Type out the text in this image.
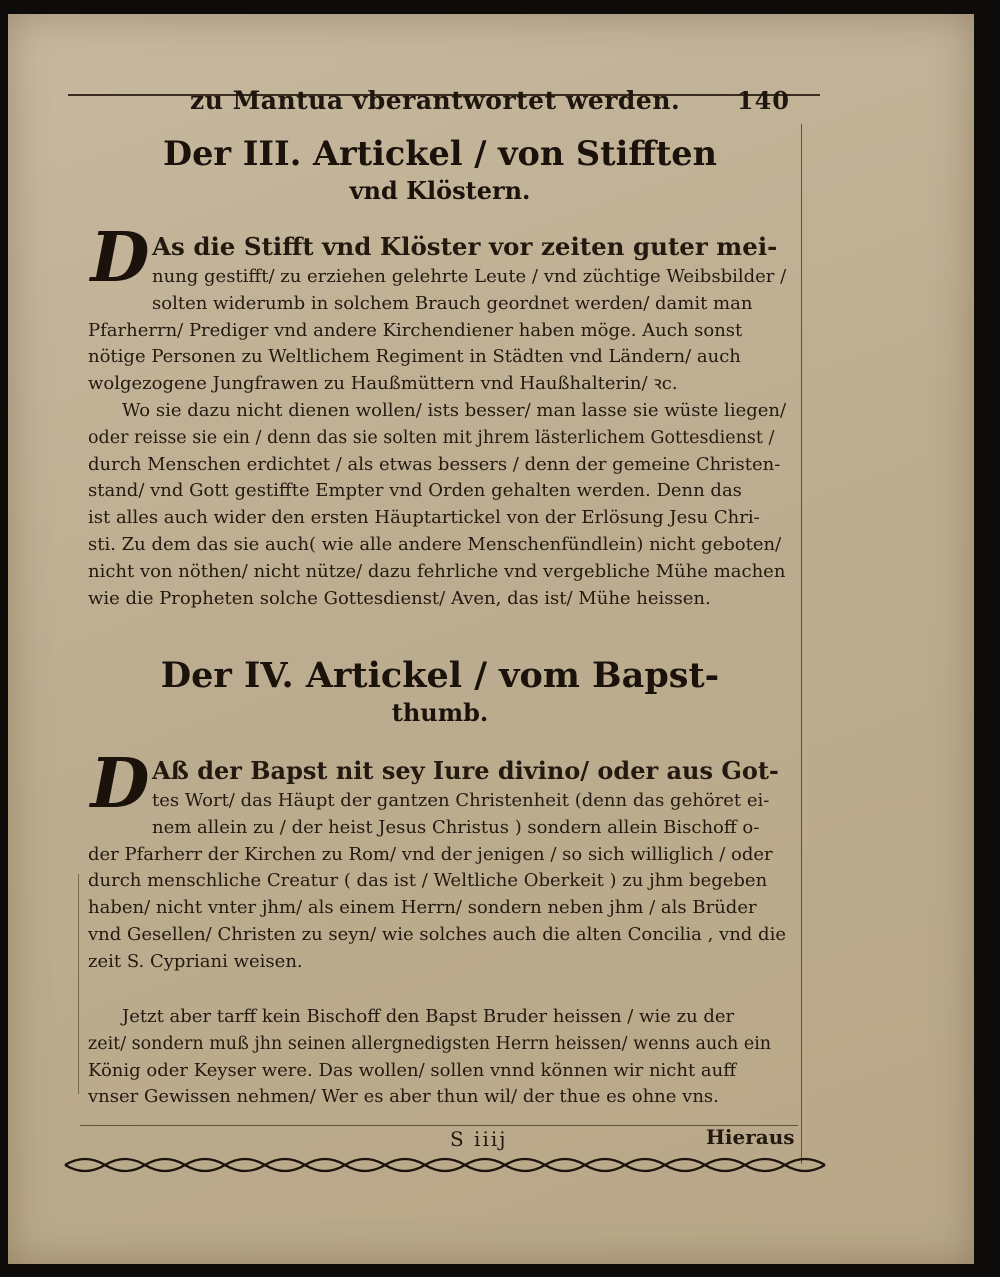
zu Mantua vberantwortet werden. 140
Der III. Artickel / von Stifften
vnd Klöstern.
D As die Stifft vnd Klöster vor zeiten guter mei-
nung gestifft/ zu erziehen gelehrte Leute / vnd züchtige Weibsbilder /
solten widerumb in solchem Brauch geordnet werden/ damit man
Pfarherrn/ Prediger vnd andere Kirchendiener haben möge. Auch sonst
nötige Personen zu Weltlichem Regiment in Städten vnd Ländern/ auch
wolgezogene Jungfrawen zu Haußmüttern vnd Haußhalterin/ ꝛc.
Wo sie dazu nicht dienen wollen/ ists besser/ man lasse sie wüste liegen/
oder reisse sie ein / denn das sie solten mit jhrem lästerlichem Gottesdienst /
durch Menschen erdichtet / als etwas bessers / denn der gemeine Christen-
stand/ vnd Gott gestiffte Empter vnd Orden gehalten werden. Denn das
ist alles auch wider den ersten Häuptartickel von der Erlösung Jesu Chri-
sti. Zu dem das sie auch( wie alle andere Menschenfündlein) nicht geboten/
nicht von nöthen/ nicht nütze/ dazu fehrliche vnd vergebliche Mühe machen
wie die Propheten solche Gottesdienst/ Aven, das ist/ Mühe heissen.
Der IV. Artickel / vom Bapst-
thumb.
D Aß der Bapst nit sey Iure divino/ oder aus Got-
tes Wort/ das Häupt der gantzen Christenheit (denn das gehöret ei-
nem allein zu / der heist Jesus Christus ) sondern allein Bischoff o-
der Pfarherr der Kirchen zu Rom/ vnd der jenigen / so sich williglich / oder
durch menschliche Creatur ( das ist / Weltliche Oberkeit ) zu jhm begeben
haben/ nicht vnter jhm/ als einem Herrn/ sondern neben jhm / als Brüder
vnd Gesellen/ Christen zu seyn/ wie solches auch die alten Concilia , vnd die
zeit S. Cypriani weisen.
Jetzt aber tarff kein Bischoff den Bapst Bruder heissen / wie zu der
zeit/ sondern muß jhn seinen allergnedigsten Herrn heissen/ wenns auch ein
König oder Keyser were. Das wollen/ sollen vnnd können wir nicht auff
vnser Gewissen nehmen/ Wer es aber thun wil/ der thue es ohne vns.
S iiij	Hieraus
